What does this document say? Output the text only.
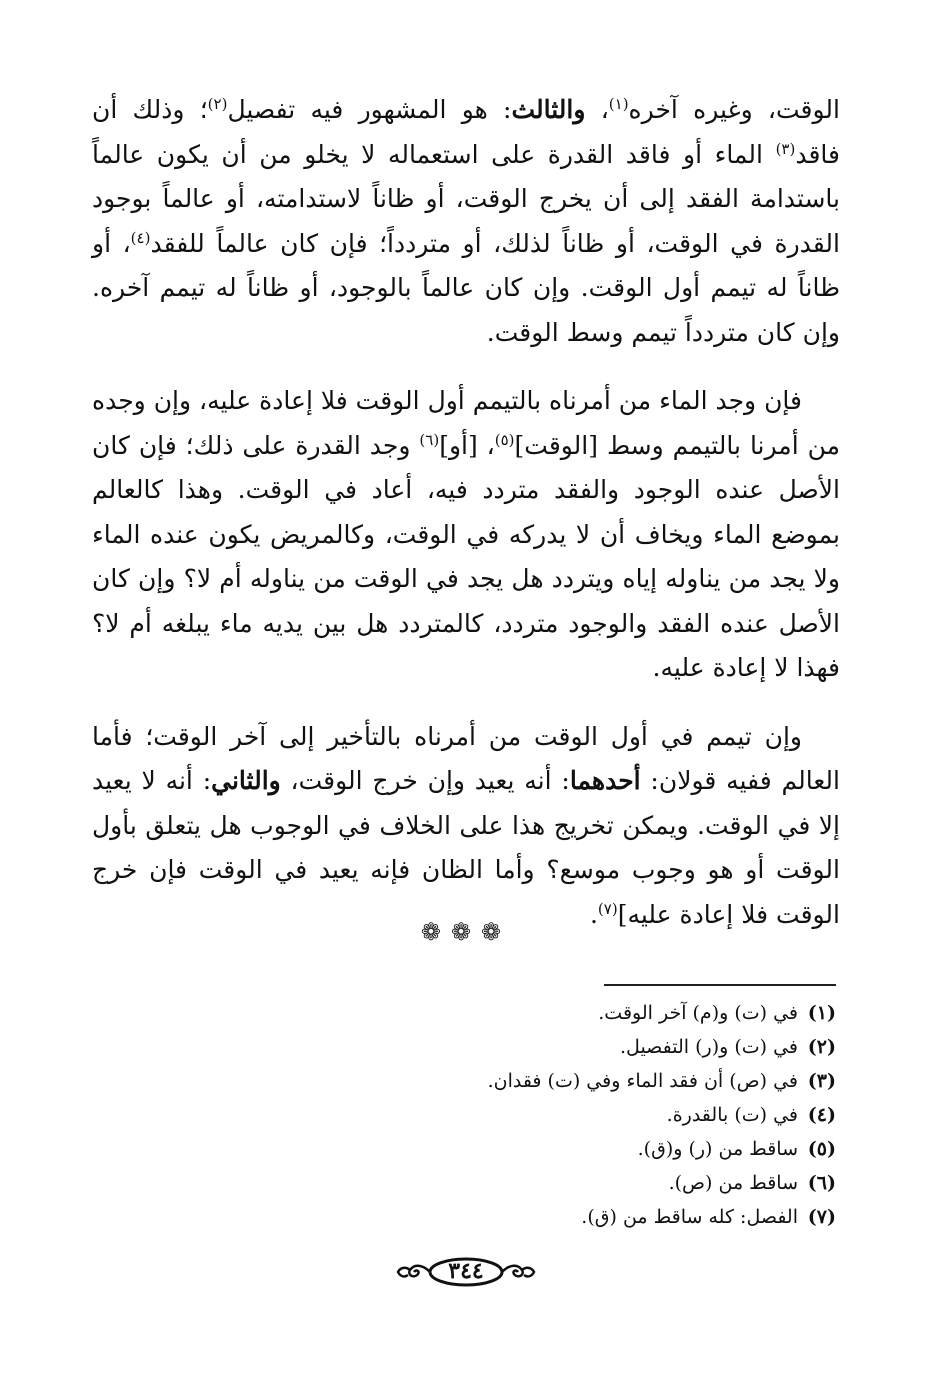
الوقت، وغيره آخره$^{(١)}$، والثالث: هو المشهور فيه تفصيل$^{(٢)}$؛ وذلك أن فاقد$^{(٣)}$ الماء أو فاقد القدرة على استعماله لا يخلو من أن يكون عالماً باستدامة الفقد إلى أن يخرج الوقت، أو ظاناً لاستدامته، أو عالماً بوجود القدرة في الوقت، أو ظاناً لذلك، أو متردداً؛ فإن كان عالماً للفقد$^{(٤)}$، أو ظاناً له تيمم أول الوقت. وإن كان عالماً بالوجود، أو ظاناً له تيمم آخره. وإن كان متردداً تيمم وسط الوقت.

فإن وجد الماء من أمرناه بالتيمم أول الوقت فلا إعادة عليه، وإن وجده من أمرنا بالتيمم وسط [الوقت]$^{(٥)}$، [أو]$^{(٦)}$ وجد القدرة على ذلك؛ فإن كان الأصل عنده الوجود والفقد متردد فيه، أعاد في الوقت. وهذا كالعالم بموضع الماء ويخاف أن لا يدركه في الوقت، وكالمريض يكون عنده الماء ولا يجد من يناوله إياه ويتردد هل يجد في الوقت من يناوله أم لا؟ وإن كان الأصل عنده الفقد والوجود متردد، كالمتردد هل بين يديه ماء يبلغه أم لا؟ فهذا لا إعادة عليه.

وإن تيمم في أول الوقت من أمرناه بالتأخير إلى آخر الوقت؛ فأما العالم ففيه قولان: أحدهما: أنه يعيد وإن خرج الوقت، والثاني: أنه لا يعيد إلا في الوقت. ويمكن تخريج هذا على الخلاف في الوجوب هل يتعلق بأول الوقت أو هو وجوب موسع؟ وأما الظان فإنه يعيد في الوقت فإن خرج الوقت فلا إعادة عليه]$^{(٧)}$.

❁❁❁
(١)في (ت) و(م) آخر الوقت.
(٢)في (ت) و(ر) التفصيل.
(٣)في (ص) أن فقد الماء وفي (ت) فقدان.
(٤)في (ت) بالقدرة.
(٥)ساقط من (ر) و(ق).
(٦)ساقط من (ص).
(٧)الفصل: كله ساقط من (ق).
٣٤٤
